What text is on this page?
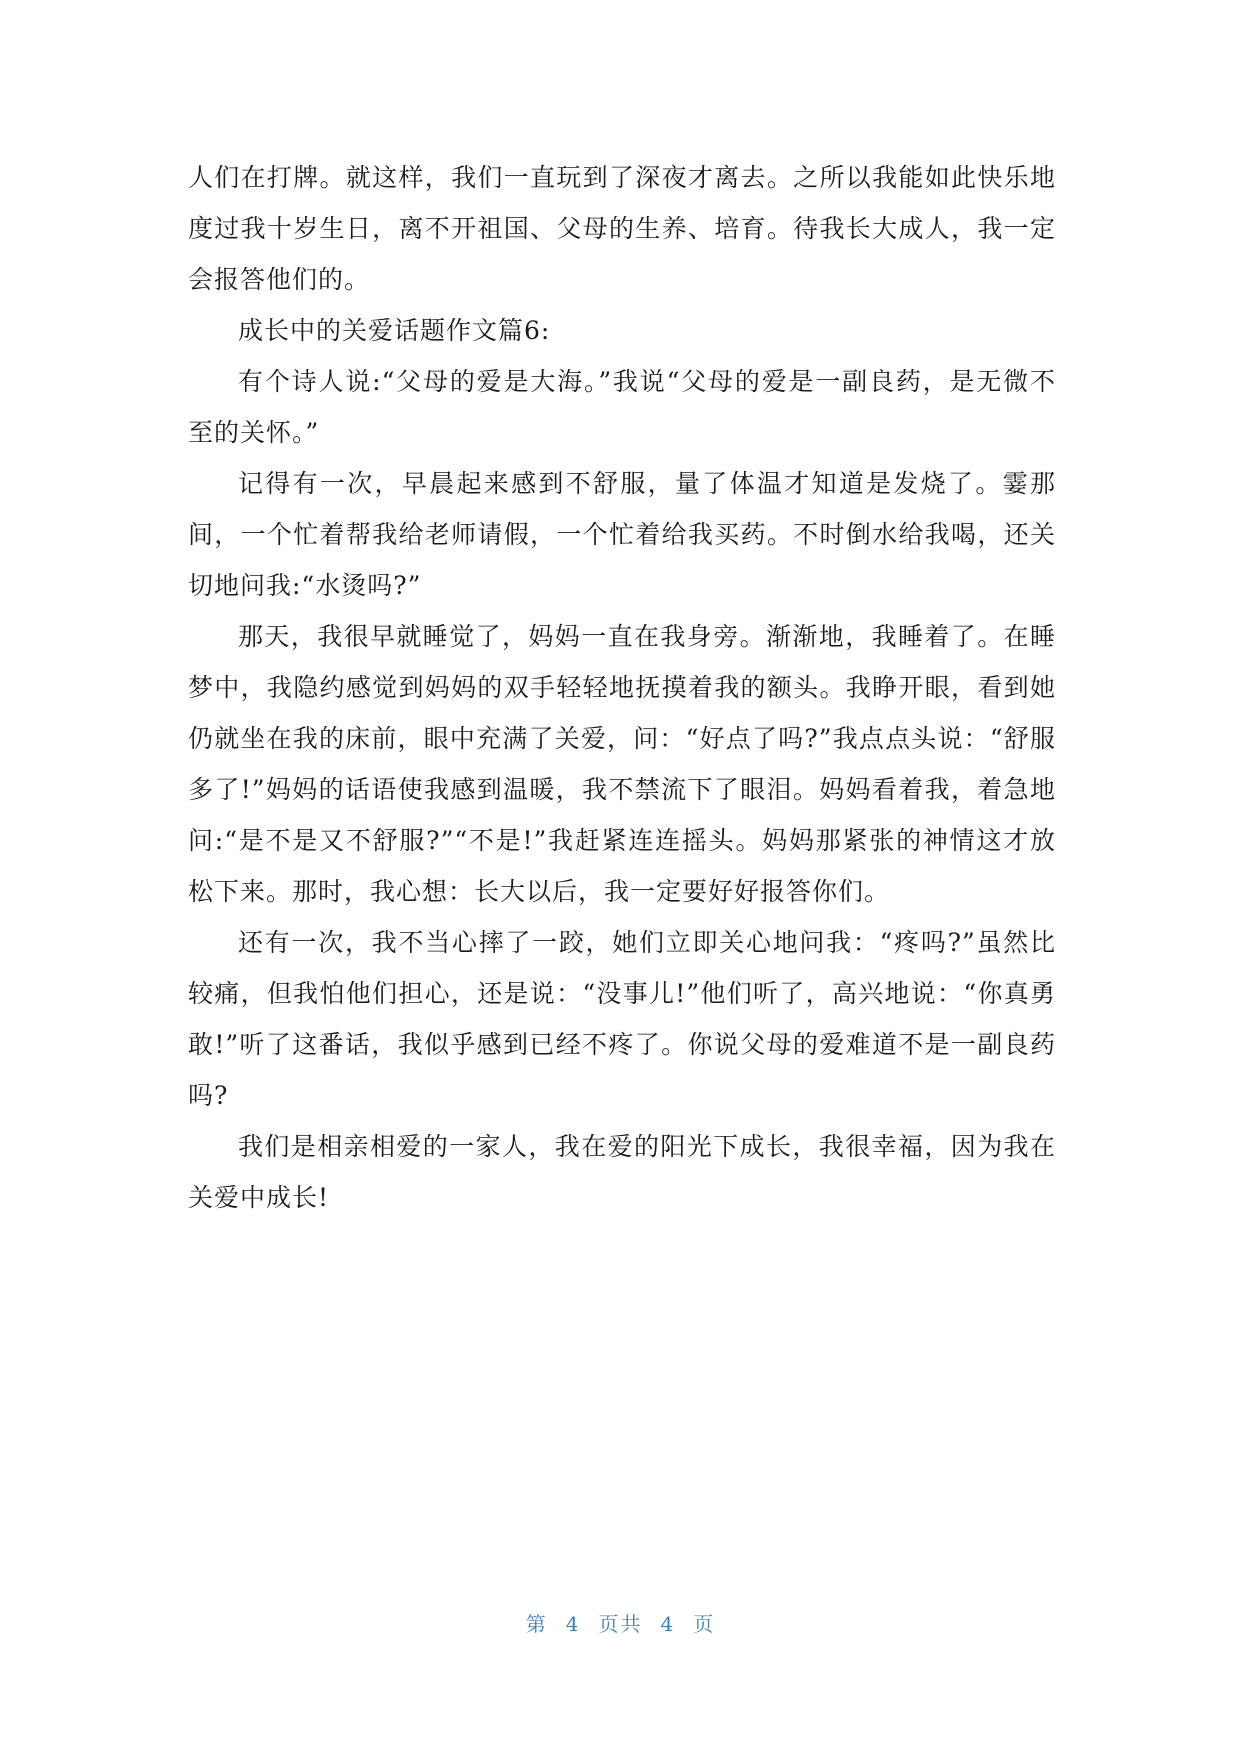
人们在打牌。就这样，我们一直玩到了深夜才离去。之所以我能如此快乐地度过我十岁生日，离不开祖国、父母的生养、培育。待我长大成人，我一定会报答他们的。

成长中的关爱话题作文篇6:

有个诗人说:“父母的爱是大海。”我说“父母的爱是一副良药，是无微不至的关怀。”

记得有一次，早晨起来感到不舒服，量了体温才知道是发烧了。霎那间，一个忙着帮我给老师请假，一个忙着给我买药。不时倒水给我喝，还关切地问我:“水烫吗?”

那天，我很早就睡觉了，妈妈一直在我身旁。渐渐地，我睡着了。在睡梦中，我隐约感觉到妈妈的双手轻轻地抚摸着我的额头。我睁开眼，看到她仍就坐在我的床前，眼中充满了关爱，问：“好点了吗?”我点点头说：“舒服多了!”妈妈的话语使我感到温暖，我不禁流下了眼泪。妈妈看着我，着急地问:“是不是又不舒服?”“不是!”我赶紧连连摇头。妈妈那紧张的神情这才放松下来。那时，我心想：长大以后，我一定要好好报答你们。

还有一次，我不当心摔了一跤，她们立即关心地问我：“疼吗?”虽然比较痛，但我怕他们担心，还是说：“没事儿!”他们听了，高兴地说：“你真勇敢!”听了这番话，我似乎感到已经不疼了。你说父母的爱难道不是一副良药吗?

我们是相亲相爱的一家人，我在爱的阳光下成长，我很幸福，因为我在关爱中成长!

第 4 页共 4 页
